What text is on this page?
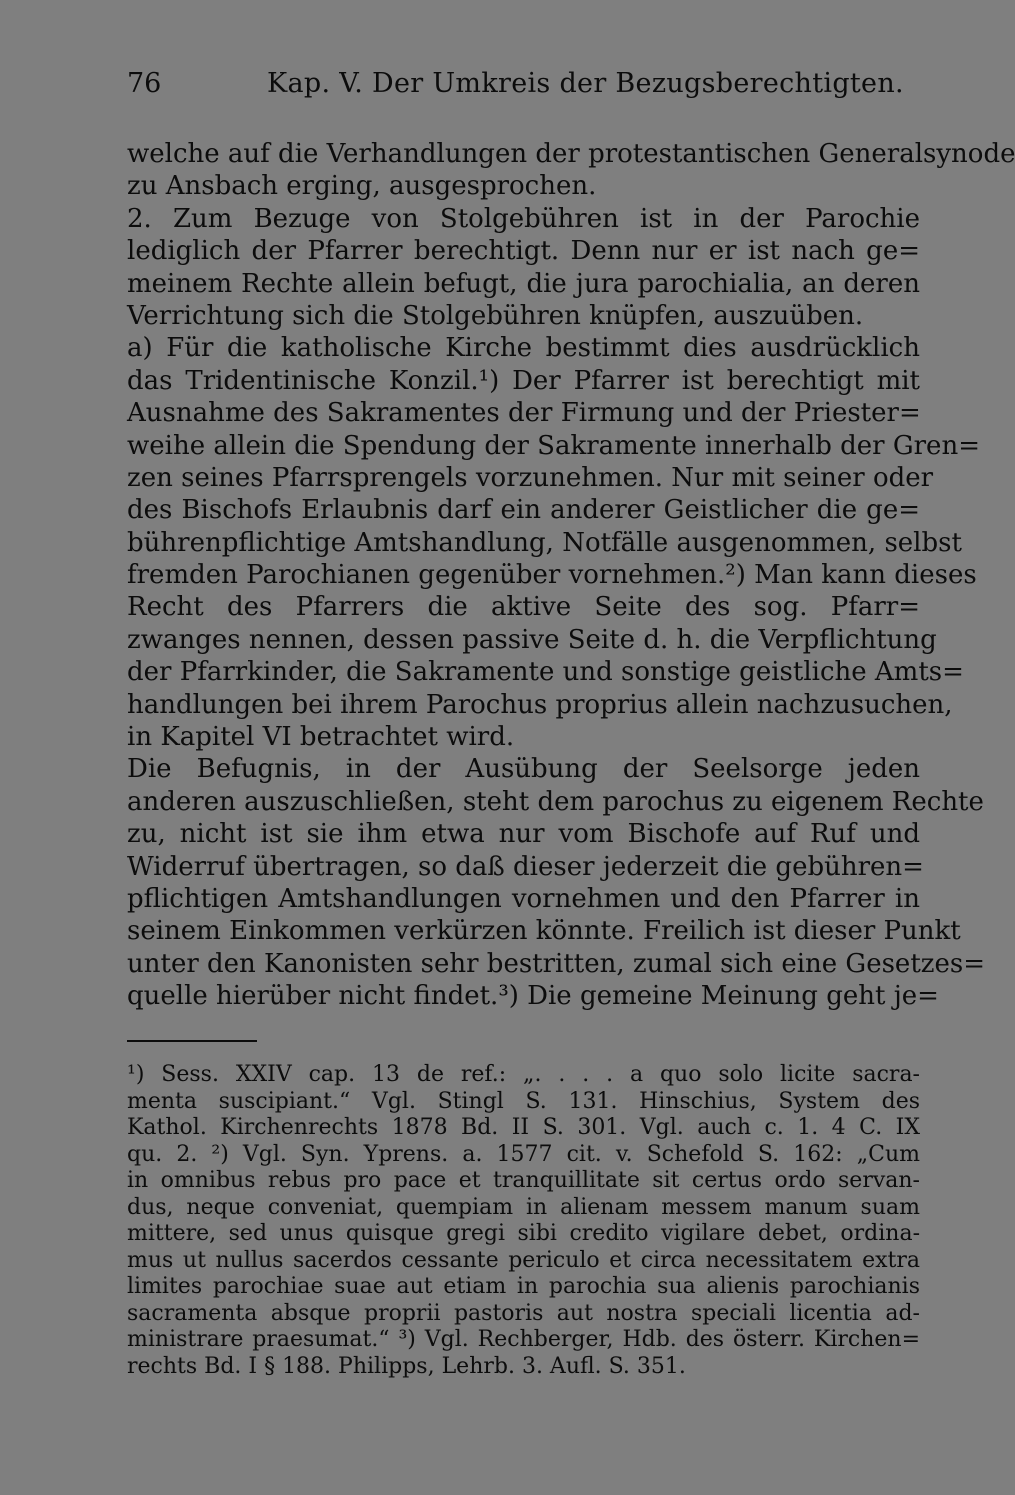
76	Kap. V. Der Umkreis der Bezugsberechtigten.
welche auf die Verhandlungen der protestantischen Generalsynode
zu Ansbach erging, ausgesprochen.
2. Zum Bezuge von Stolgebühren ist in der Parochie
lediglich der Pfarrer berechtigt. Denn nur er ist nach ge=
meinem Rechte allein befugt, die jura parochialia, an deren
Verrichtung sich die Stolgebühren knüpfen, auszuüben.
a) Für die katholische Kirche bestimmt dies ausdrücklich
das Tridentinische Konzil.¹) Der Pfarrer ist berechtigt mit
Ausnahme des Sakramentes der Firmung und der Priester=
weihe allein die Spendung der Sakramente innerhalb der Gren=
zen seines Pfarrsprengels vorzunehmen. Nur mit seiner oder
des Bischofs Erlaubnis darf ein anderer Geistlicher die ge=
bührenpflichtige Amtshandlung, Notfälle ausgenommen, selbst
fremden Parochianen gegenüber vornehmen.²) Man kann dieses
Recht des Pfarrers die aktive Seite des sog. Pfarr=
zwanges nennen, dessen passive Seite d. h. die Verpflichtung
der Pfarrkinder, die Sakramente und sonstige geistliche Amts=
handlungen bei ihrem Parochus proprius allein nachzusuchen,
in Kapitel VI betrachtet wird.
Die Befugnis, in der Ausübung der Seelsorge jeden
anderen auszuschließen, steht dem parochus zu eigenem Rechte
zu, nicht ist sie ihm etwa nur vom Bischofe auf Ruf und
Widerruf übertragen, so daß dieser jederzeit die gebühren=
pflichtigen Amtshandlungen vornehmen und den Pfarrer in
seinem Einkommen verkürzen könnte. Freilich ist dieser Punkt
unter den Kanonisten sehr bestritten, zumal sich eine Gesetzes=
quelle hierüber nicht findet.³) Die gemeine Meinung geht je=
¹) Sess. XXIV cap. 13 de ref.: „. . . . a quo solo licite sacra-
menta suscipiant.“ Vgl. Stingl S. 131. Hinschius, System des
Kathol. Kirchenrechts 1878 Bd. II S. 301. Vgl. auch c. 1. 4 C. IX
qu. 2. ²) Vgl. Syn. Yprens. a. 1577 cit. v. Schefold S. 162: „Cum
in omnibus rebus pro pace et tranquillitate sit certus ordo servan-
dus, neque conveniat, quempiam in alienam messem manum suam
mittere, sed unus quisque gregi sibi credito vigilare debet, ordina-
mus ut nullus sacerdos cessante periculo et circa necessitatem extra
limites parochiae suae aut etiam in parochia sua alienis parochianis
sacramenta absque proprii pastoris aut nostra speciali licentia ad-
ministrare praesumat.“ ³) Vgl. Rechberger, Hdb. des österr. Kirchen=
rechts Bd. I § 188. Philipps, Lehrb. 3. Aufl. S. 351.
